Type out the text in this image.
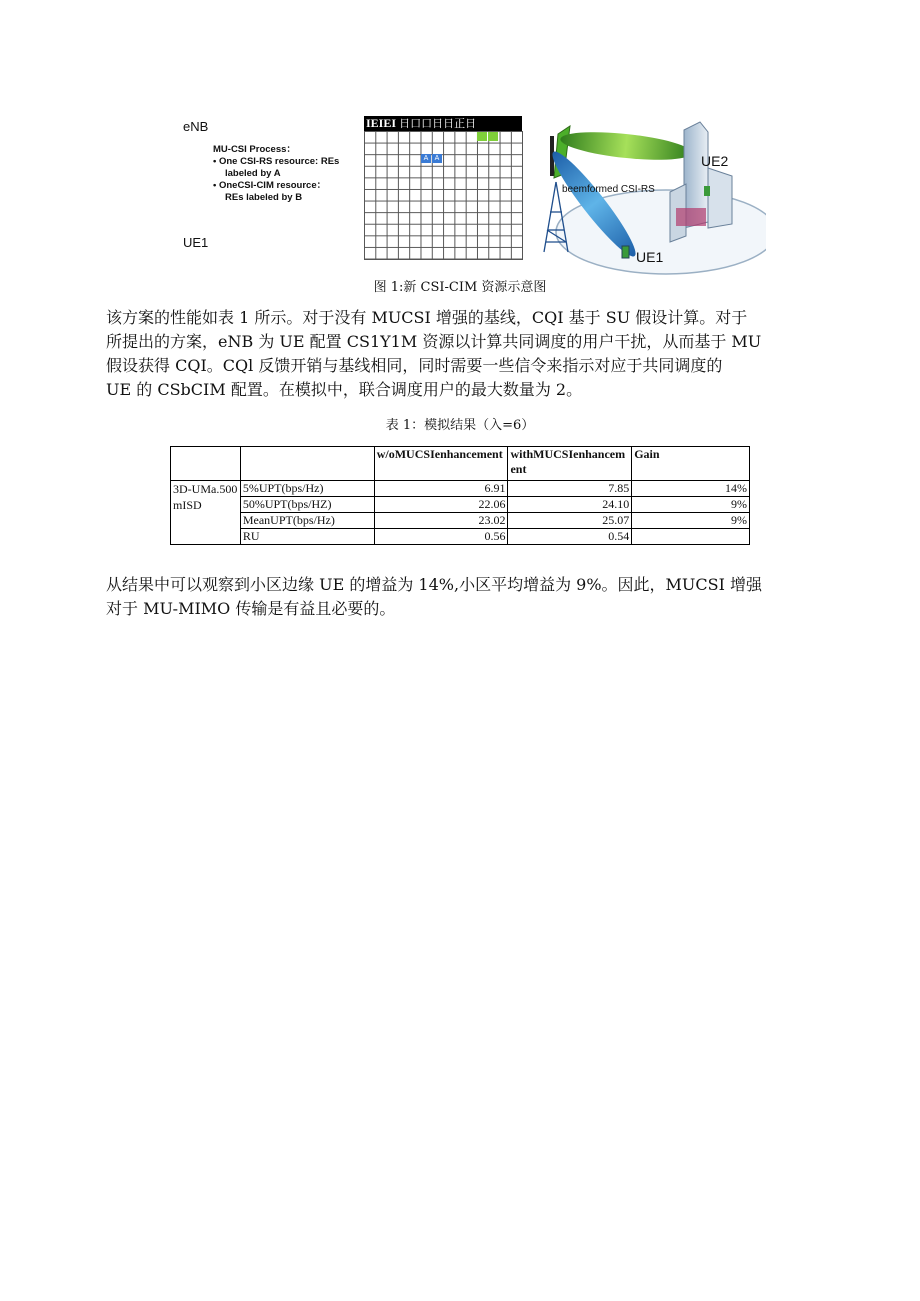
eNB
MU-CSI Process：
• One CSI-RS resource: REs
labeled by A
• OneCSI-CIM resource：
REs labeled by B
UE1
IEIEI 日口口日日正日
A A	UE2
UE1
beemformed CSI-RS
图 1:新 CSI-CIM 资源示意图
该方案的性能如表 1 所示。对于没有 MUCSI 增强的基线，CQI 基于 SU 假设计算。对于
所提出的方案，eNB 为 UE 配置 CS1Y1M 资源以计算共同调度的用户干扰，从而基于 MU
假设获得 CQI。CQl 反馈开销与基线相同，同时需要一些信令来指示对应于共同调度的
UE 的 CSbCIM 配置。在模拟中，联合调度用户的最大数量为 2。
表 1：模拟结果（入=6）
		w/oMUCSIenhancement	withMUCSIenhancement	Gain
3D-UMa.500mISD	5%UPT(bps/Hz)	6.91	7.85	14%
	50%UPT(bps/HZ)	22.06	24.10	9%
	MeanUPT(bps/Hz)	23.02	25.07	9%
	RU	0.56	0.54	
从结果中可以观察到小区边缘 UE 的增益为 14%,小区平均增益为 9%。因此，MUCSI 增强
对于 MU-MIMO 传输是有益且必要的。
